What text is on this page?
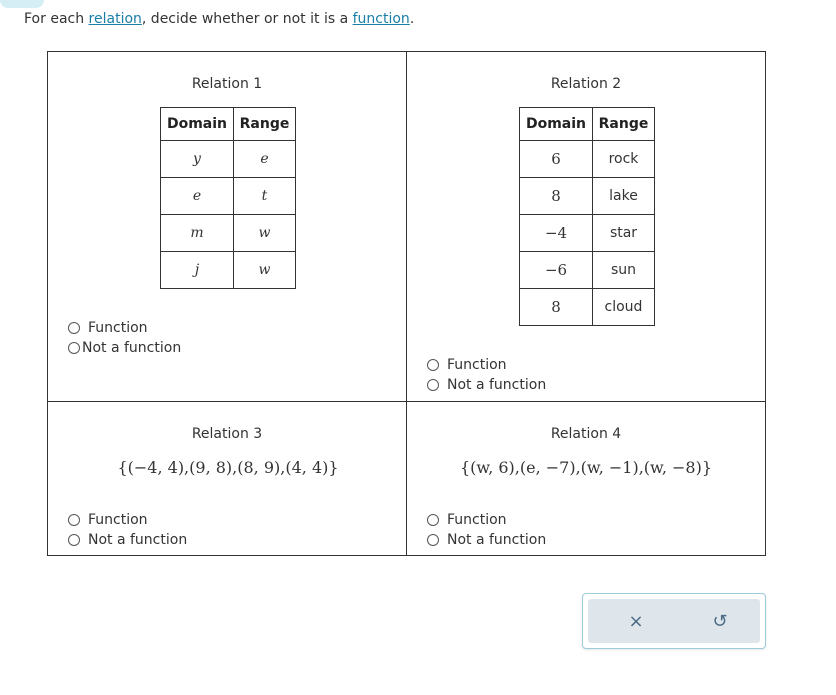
For each relation, decide whether or not it is a function.
Relation 1
Domain	Range
y	e
e	t
m	w
j	w
Function
Not a function
Relation 2
Domain	Range
6	rock
8	lake
−4	star
−6	sun
8	cloud
Function
Not a function
Relation 3
{(−4, 4),(9, 8),(8, 9),(4, 4)}
Function
Not a function
Relation 4
{(w, 6),(e, −7),(w, −1),(w, −8)}
Function
Not a function
×	↺
